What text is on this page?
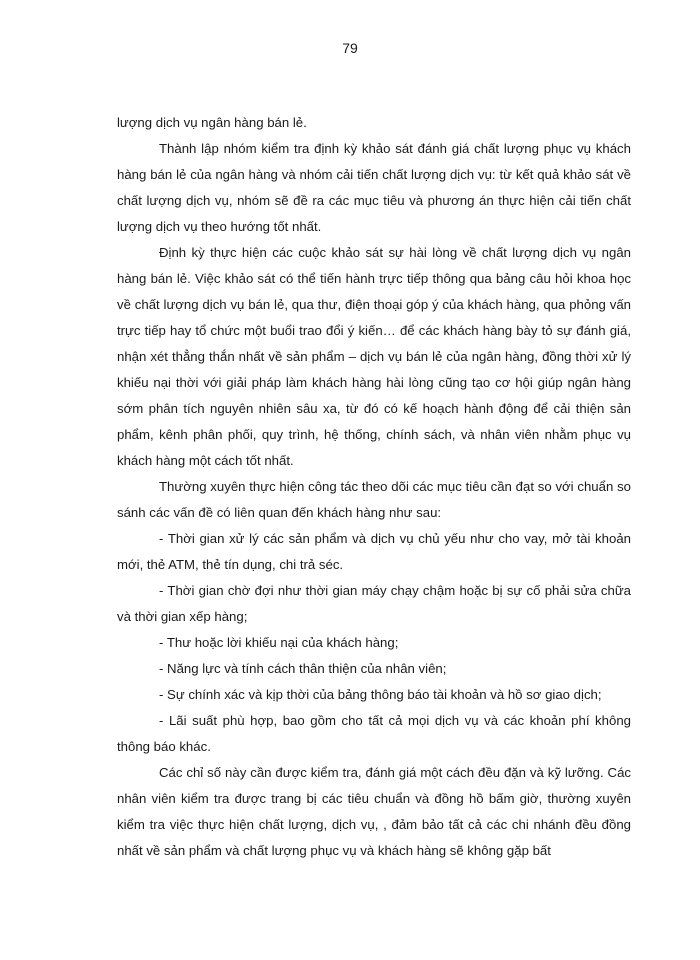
79

lượng dịch vụ ngân hàng bán lẻ.

Thành lập nhóm kiểm tra định kỳ khảo sát đánh giá chất lượng phục vụ khách hàng bán lẻ của ngân hàng và nhóm cải tiến chất lượng dịch vụ: từ kết quả khảo sát về chất lượng dịch vụ, nhóm sẽ đề ra các mục tiêu và phương án thực hiện cải tiến chất lượng dịch vụ theo hướng tốt nhất.

Định kỳ thực hiện các cuộc khảo sát sự hài lòng về chất lượng dịch vụ ngân hàng bán lẻ. Việc khảo sát có thể tiến hành trực tiếp thông qua bảng câu hỏi khoa học về chất lượng dịch vụ bán lẻ, qua thư, điện thoại góp ý của khách hàng, qua phỏng vấn trực tiếp hay tổ chức một buổi trao đổi ý kiến… để các khách hàng bày tỏ sự đánh giá, nhận xét thẳng thắn nhất về sản phẩm – dịch vụ bán lẻ của ngân hàng, đồng thời xử lý khiếu nại thời với giải pháp làm khách hàng hài lòng cũng tạo cơ hội giúp ngân hàng sớm phân tích nguyên nhiên sâu xa, từ đó có kế hoạch hành động để cải thiện sản phẩm, kênh phân phối, quy trình, hệ thống, chính sách, và nhân viên nhằm phục vụ khách hàng một cách tốt nhất.

Thường xuyên thực hiện công tác theo dõi các mục tiêu cần đạt so với chuẩn so sánh các vấn đề có liên quan đến khách hàng như sau:

- Thời gian xử lý các sản phẩm và dịch vụ chủ yếu như cho vay, mở tài khoản mới, thẻ ATM, thẻ tín dụng, chi trả séc.

- Thời gian chờ đợi như thời gian máy chạy chậm hoặc bị sự cố phải sửa chữa và thời gian xếp hàng;

- Thư hoặc lời khiếu nại của khách hàng;

- Năng lực và tính cách thân thiện của nhân viên;

- Sự chính xác và kịp thời của bảng thông báo tài khoản và hồ sơ giao dịch;

- Lãi suất phù hợp, bao gồm cho tất cả mọi dịch vụ và các khoản phí không thông báo khác.

Các chỉ số này cần được kiểm tra, đánh giá một cách đều đặn và kỹ lưỡng. Các nhân viên kiểm tra được trang bị các tiêu chuẩn và đồng hồ bấm giờ, thường xuyên kiểm tra việc thực hiện chất lượng, dịch vụ, , đảm bảo tất cả các chi nhánh đều đồng nhất về sản phẩm và chất lượng phục vụ và khách hàng sẽ không gặp bất
